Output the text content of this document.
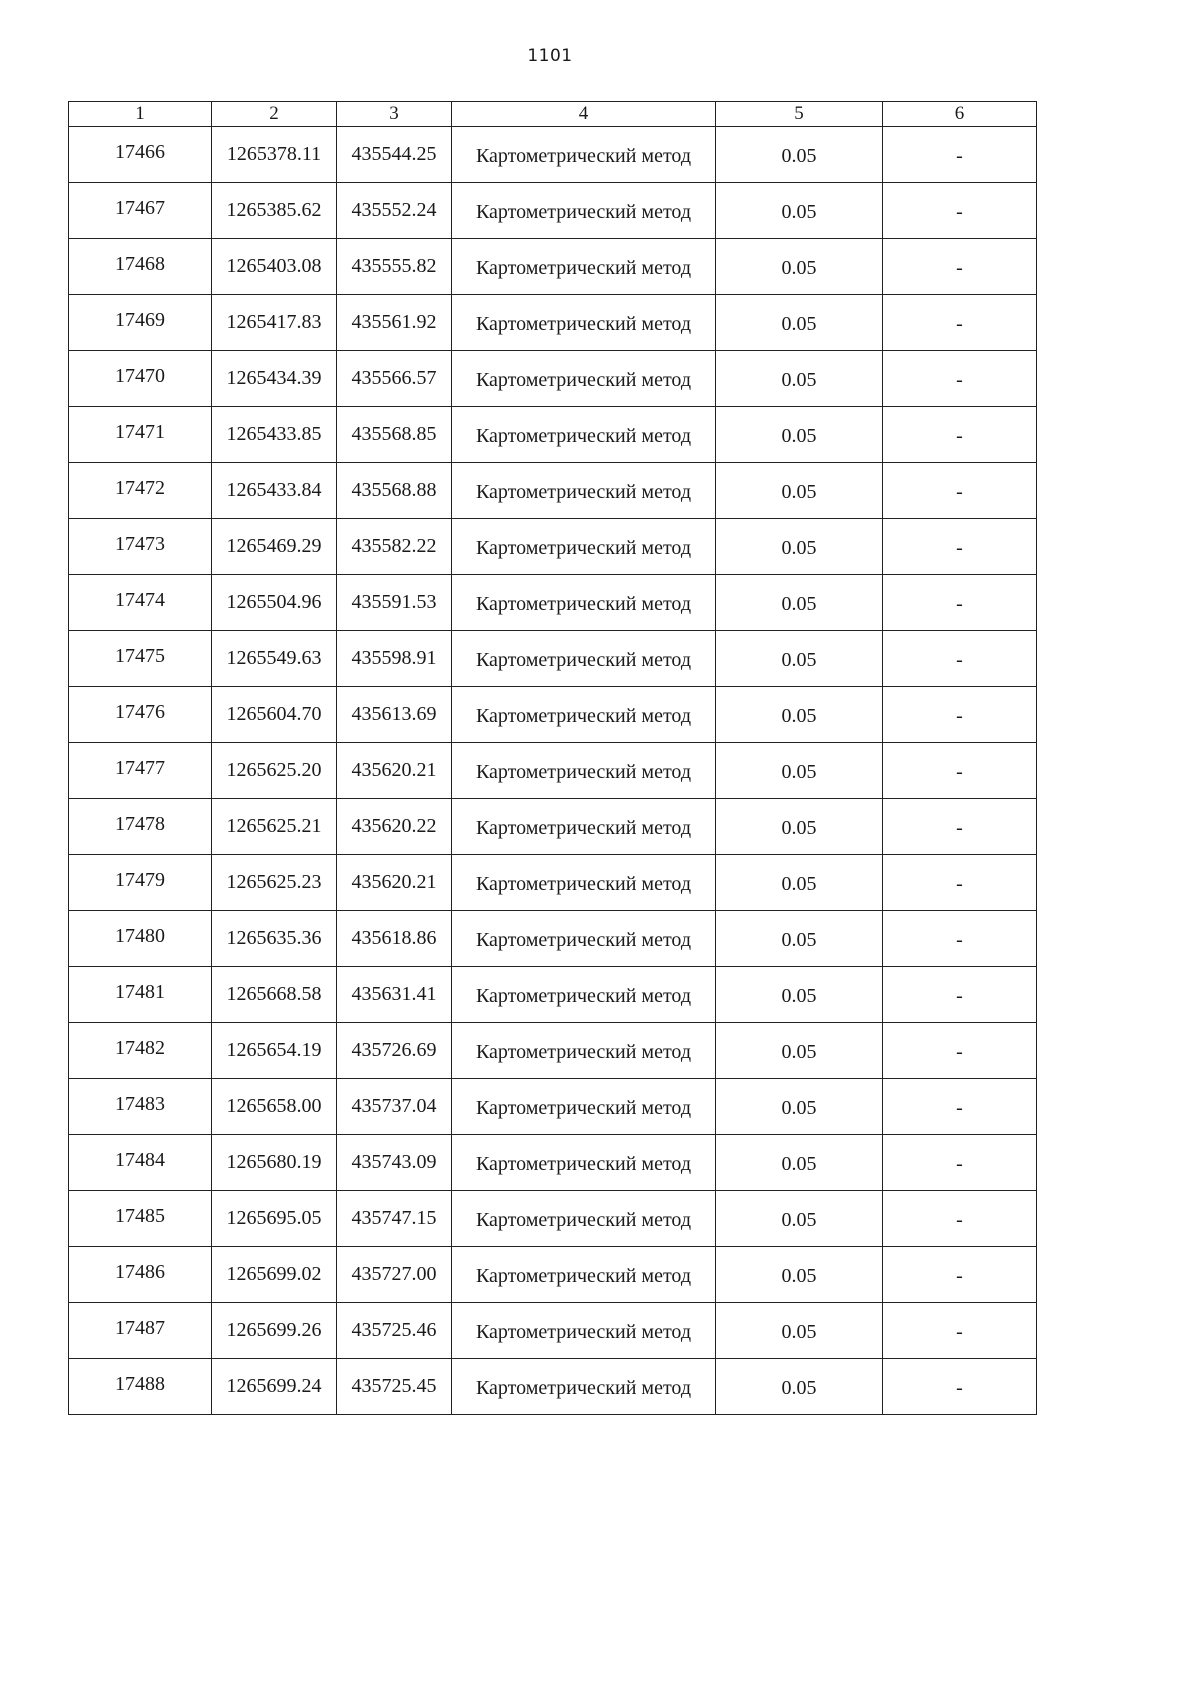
1101
1	2	3	4	5	6
17466	1265378.11	435544.25	Картометрический метод	0.05	-
17467	1265385.62	435552.24	Картометрический метод	0.05	-
17468	1265403.08	435555.82	Картометрический метод	0.05	-
17469	1265417.83	435561.92	Картометрический метод	0.05	-
17470	1265434.39	435566.57	Картометрический метод	0.05	-
17471	1265433.85	435568.85	Картометрический метод	0.05	-
17472	1265433.84	435568.88	Картометрический метод	0.05	-
17473	1265469.29	435582.22	Картометрический метод	0.05	-
17474	1265504.96	435591.53	Картометрический метод	0.05	-
17475	1265549.63	435598.91	Картометрический метод	0.05	-
17476	1265604.70	435613.69	Картометрический метод	0.05	-
17477	1265625.20	435620.21	Картометрический метод	0.05	-
17478	1265625.21	435620.22	Картометрический метод	0.05	-
17479	1265625.23	435620.21	Картометрический метод	0.05	-
17480	1265635.36	435618.86	Картометрический метод	0.05	-
17481	1265668.58	435631.41	Картометрический метод	0.05	-
17482	1265654.19	435726.69	Картометрический метод	0.05	-
17483	1265658.00	435737.04	Картометрический метод	0.05	-
17484	1265680.19	435743.09	Картометрический метод	0.05	-
17485	1265695.05	435747.15	Картометрический метод	0.05	-
17486	1265699.02	435727.00	Картометрический метод	0.05	-
17487	1265699.26	435725.46	Картометрический метод	0.05	-
17488	1265699.24	435725.45	Картометрический метод	0.05	-
